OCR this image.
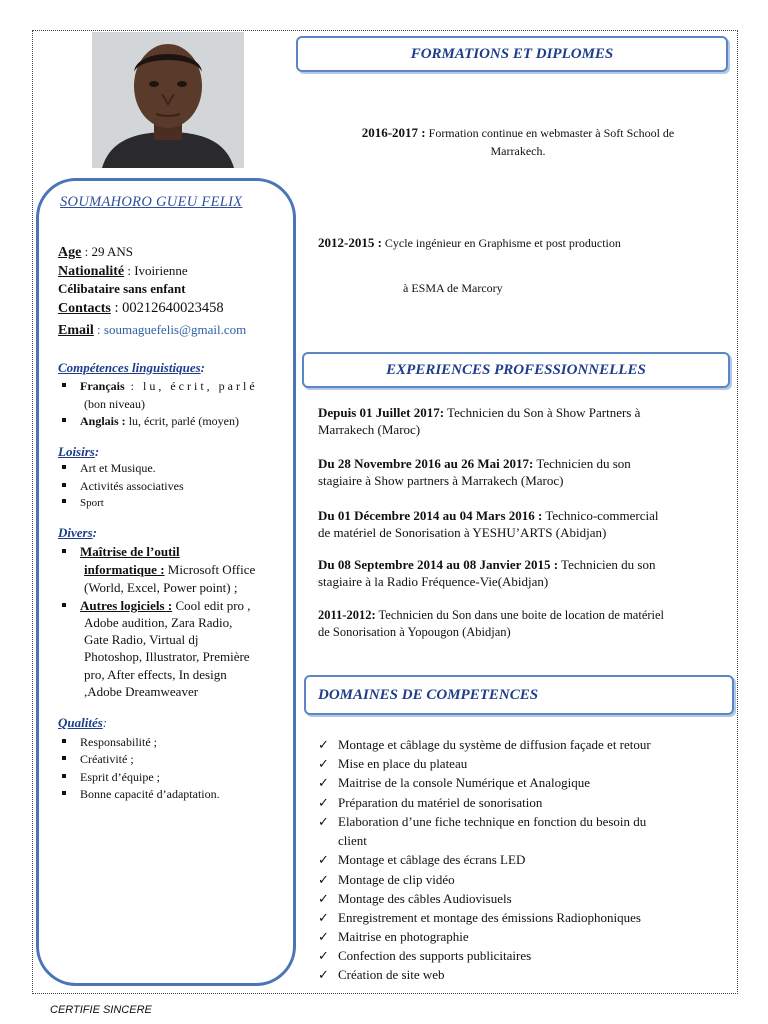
SOUMAHORO GUEU FELIX
Age : 29 ANS
Nationalité : Ivoirienne
Célibataire sans enfant
Contacts : 00212640023458
Email : soumaguefelis@gmail.com
Compétences linguistiques:
Français : lu, écrit, parlé
(bon niveau)
Anglais : lu, écrit, parlé (moyen)
Loisirs:
Art et Musique.
Activités associatives
Sport
Divers:
Maîtrise de l’outil
informatique : Microsoft Office
(World, Excel, Power point) ;
Autres logiciels : Cool edit pro ,
Adobe audition, Zara Radio,
Gate Radio, Virtual dj
Photoshop, Illustrator, Première
pro, After effects, In design
,Adobe Dreamweaver
Qualités:
Responsabilité ;
Créativité ;
Esprit d’équipe ;
Bonne capacité d’adaptation.
FORMATIONS ET DIPLOMES
2016-2017 : Formation continue en webmaster à Soft School de
Marrakech.
2012-2015 : Cycle ingénieur en Graphisme et post production
à ESMA de Marcory
EXPERIENCES PROFESSIONNELLES
Depuis 01 Juillet 2017: Technicien du Son à Show Partners à
Marrakech (Maroc)
Du 28 Novembre 2016 au 26 Mai 2017: Technicien du son
stagiaire à Show partners à Marrakech (Maroc)
Du 01 Décembre 2014 au 04 Mars 2016 : Technico-commercial
de matériel de Sonorisation à YESHU’ARTS (Abidjan)
Du 08 Septembre 2014 au 08 Janvier 2015 : Technicien du son
stagiaire à la Radio Fréquence-Vie(Abidjan)
2011-2012: Technicien du Son dans une boite de location de matériel
de Sonorisation à Yopougon (Abidjan)
DOMAINES DE COMPETENCES
✓ Montage et câblage du système de diffusion façade et retour
✓ Mise en place du plateau
✓ Maitrise de la console Numérique et Analogique
✓ Préparation du matériel de sonorisation
✓ Elaboration d’une fiche technique en fonction du besoin du
client
✓ Montage et câblage des écrans LED
✓ Montage de clip vidéo
✓ Montage des câbles Audiovisuels
✓ Enregistrement et montage des émissions Radiophoniques
✓ Maitrise en photographie
✓ Confection des supports publicitaires
✓ Création de site web
CERTIFIE SINCERE
